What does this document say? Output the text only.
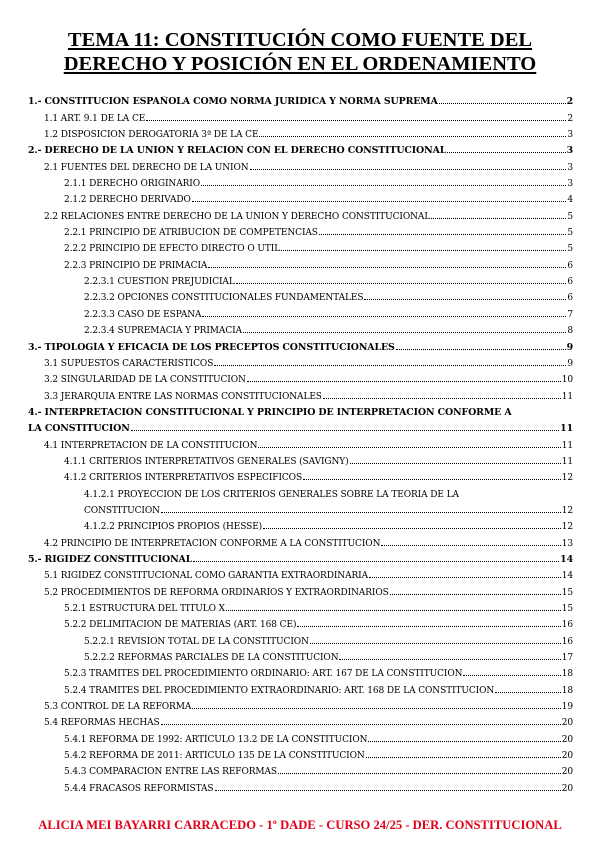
TEMA 11: CONSTITUCIÓN COMO FUENTE DEL
DERECHO Y POSICIÓN EN EL ORDENAMIENTO
1.- CONSTITUCIÓN ESPAÑOLA COMO NORMA JURÍDICA Y NORMA SUPREMA	2
1.1 ART. 9.1 DE LA CE	2
1.2 DISPOSICIÓN DEROGATORIA 3ª DE LA CE	3
2.- DERECHO DE LA UNIÓN Y RELACIÓN CON EL DERECHO CONSTITUCIONAL	3
2.1 FUENTES DEL DERECHO DE LA UNIÓN	3
2.1.1 DERECHO ORIGINARIO	3
2.1.2 DERECHO DERIVADO	4
2.2 RELACIONES ENTRE DERECHO DE LA UNIÓN Y DERECHO CONSTITUCIONAL	5
2.2.1 PRINCIPIO DE ATRIBUCIÓN DE COMPETENCIAS	5
2.2.2 PRINCIPIO DE EFECTO DIRECTO O ÚTIL	5
2.2.3 PRINCIPIO DE PRIMACÍA	6
2.2.3.1 CUESTIÓN PREJUDICIAL	6
2.2.3.2 OPCIONES CONSTITUCIONALES FUNDAMENTALES	6
2.2.3.3 CASO DE ESPAÑA	7
2.2.3.4 SUPREMACÍA Y PRIMACÍA	8
3.- TIPOLOGÍA Y EFICACIA DE LOS PRECEPTOS CONSTITUCIONALES	9
3.1 SUPUESTOS CARACTERÍSTICOS	9
3.2 SINGULARIDAD DE LA CONSTITUCIÓN	10
3.3 JERARQUÍA ENTRE LAS NORMAS CONSTITUCIONALES	11
4.- INTERPRETACIÓN CONSTITUCIONAL Y PRINCIPIO DE INTERPRETACIÓN CONFORME A
LA CONSTITUCIÓN	11
4.1 INTERPRETACIÓN DE LA CONSTITUCIÓN	11
4.1.1 CRITERIOS INTERPRETATIVOS GENERALES (SAVIGNY)	11
4.1.2 CRITERIOS INTERPRETATIVOS ESPECÍFICOS	12
4.1.2.1 PROYECCIÓN DE LOS CRITERIOS GENERALES SOBRE LA TEORÍA DE LA
CONSTITUCIÓN	12
4.1.2.2 PRINCIPIOS PROPIOS (HESSE)	12
4.2 PRINCIPIO DE INTERPRETACIÓN CONFORME A LA CONSTITUCIÓN	13
5.- RIGIDEZ CONSTITUCIONAL	14
5.1 RIGIDEZ CONSTITUCIONAL COMO GARANTÍA EXTRAORDINARIA	14
5.2 PROCEDIMIENTOS DE REFORMA ORDINARIOS Y EXTRAORDINARIOS	15
5.2.1 ESTRUCTURA DEL TÍTULO X	15
5.2.2 DELIMITACIÓN DE MATERIAS (ART. 168 CE)	16
5.2.2.1 REVISIÓN TOTAL DE LA CONSTITUCIÓN	16
5.2.2.2 REFORMAS PARCIALES DE LA CONSTITUCIÓN	17
5.2.3 TRÁMITES DEL PROCEDIMIENTO ORDINARIO: ART. 167 DE LA CONSTITUCIÓN	18
5.2.4 TRÁMITES DEL PROCEDIMIENTO EXTRAORDINARIO: ART. 168 DE LA CONSTITUCIÓN	18
5.3 CONTROL DE LA REFORMA	19
5.4 REFORMAS HECHAS	20
5.4.1 REFORMA DE 1992: ARTÍCULO 13.2 DE LA CONSTITUCIÓN	20
5.4.2 REFORMA DE 2011: ARTÍCULO 135 DE LA CONSTITUCIÓN	20
5.4.3 COMPARACIÓN ENTRE LAS REFORMAS	20
5.4.4 FRACASOS REFORMISTAS	20
ALICIA MEI BAYARRI CARRACEDO - 1º DADE - CURSO 24/25 - DER. CONSTITUCIONAL
